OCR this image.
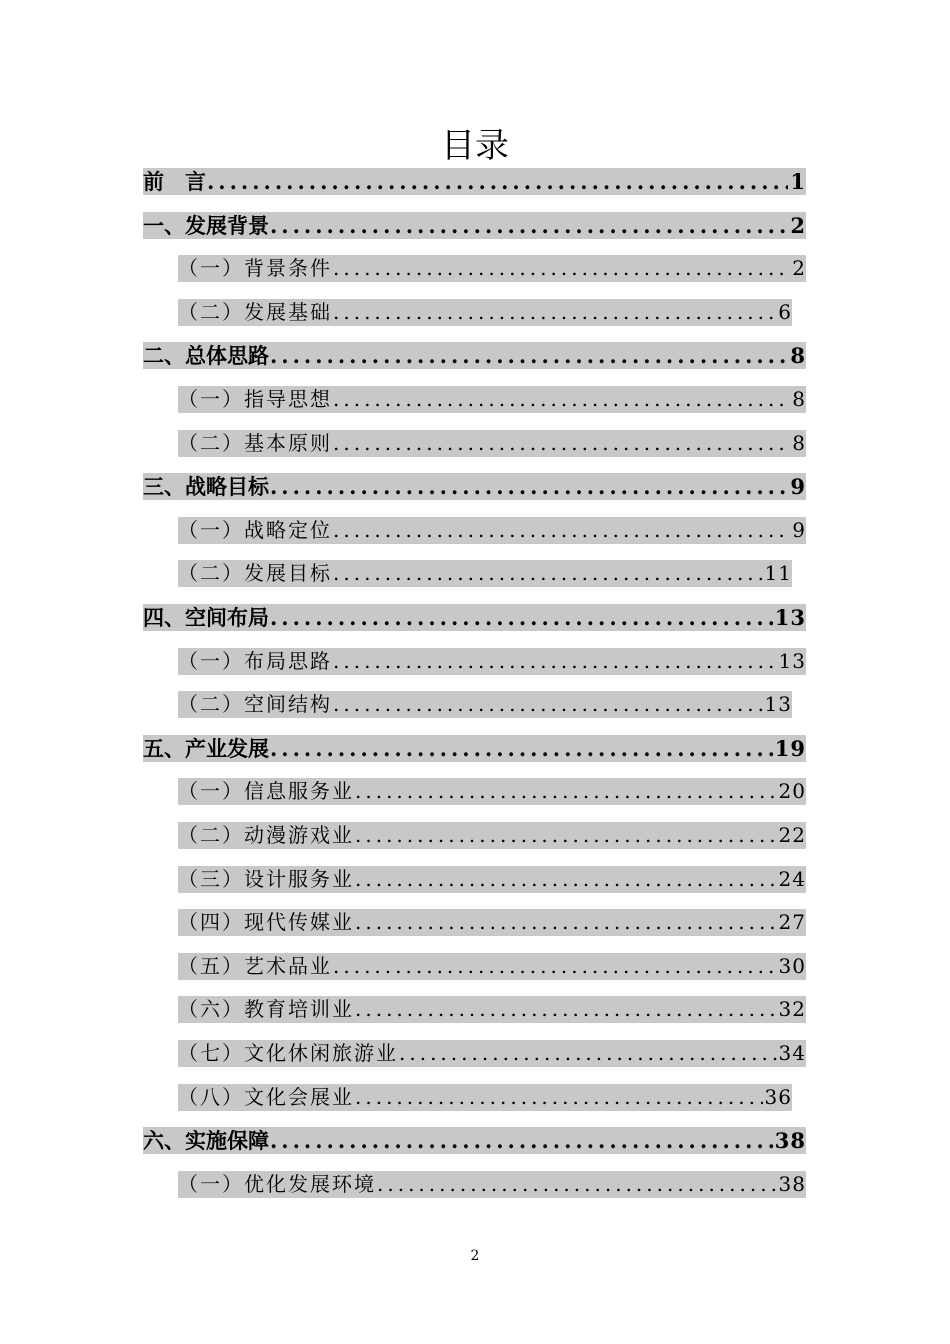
目录
前　言 .....	1
一、发展背景 .....	2
（一）背景条件 .....	2
（二）发展基础 .....	6
二、总体思路 .....	8
（一）指导思想 .....	8
（二）基本原则 .....	8
三、战略目标 .....	9
（一）战略定位 .....	9
（二）发展目标 .....	11
四、空间布局 .....	13
（一）布局思路 .....	13
（二）空间结构 .....	13
五、产业发展 .....	19
（一）信息服务业 .....	20
（二）动漫游戏业 .....	22
（三）设计服务业 .....	24
（四）现代传媒业 .....	27
（五）艺术品业 .....	30
（六）教育培训业 .....	32
（七）文化休闲旅游业 .....	34
（八）文化会展业 .....	36
六、实施保障 .....	38
（一）优化发展环境 .....	38
2
